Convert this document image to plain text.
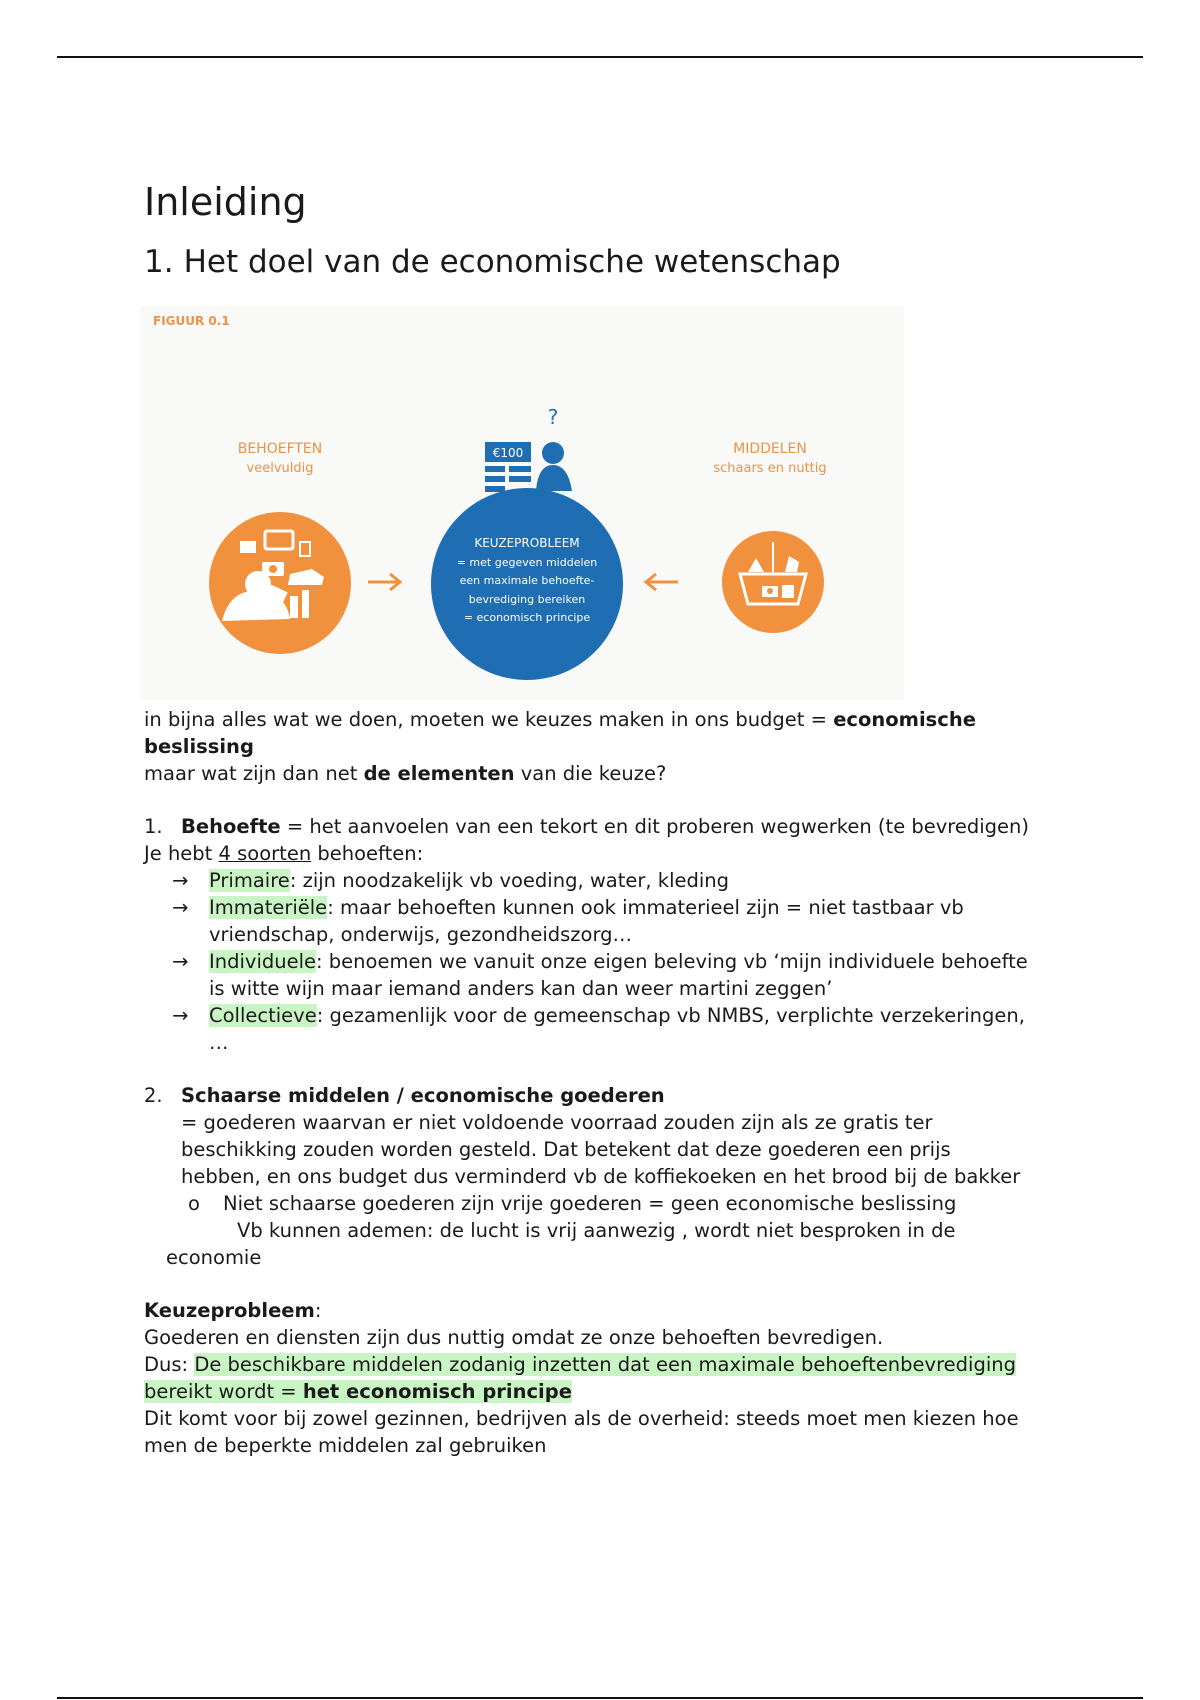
Inleiding
1. Het doel van de economische wetenschap
FIGUUR 0.1
BEHOEFTEN
veelvuldig
MIDDELEN
schaars en nuttig
KEUZEPROBLEEM
= met gegeven middelen
een maximale behoefte-
bevrediging bereiken
= economisch principe
?
€100

in bijna alles wat we doen, moeten we keuzes maken in ons budget = economische

beslissing

maar wat zijn dan net de elementen van die keuze?

1. Behoefte = het aanvoelen van een tekort en dit proberen wegwerken (te bevredigen)

Je hebt 4 soorten behoeften:

→ Primaire: zijn noodzakelijk vb voeding, water, kleding

→ Immateriële: maar behoeften kunnen ook immaterieel zijn = niet tastbaar vb

vriendschap, onderwijs, gezondheidszorg…

→ Individuele: benoemen we vanuit onze eigen beleving vb ‘mijn individuele behoefte

is witte wijn maar iemand anders kan dan weer martini zeggen’

→ Collectieve: gezamenlijk voor de gemeenschap vb NMBS, verplichte verzekeringen,

…

2. Schaarse middelen / economische goederen

= goederen waarvan er niet voldoende voorraad zouden zijn als ze gratis ter

beschikking zouden worden gesteld. Dat betekent dat deze goederen een prijs

hebben, en ons budget dus verminderd vb de koffiekoeken en het brood bij de bakker

o Niet schaarse goederen zijn vrije goederen = geen economische beslissing

Vb kunnen ademen: de lucht is vrij aanwezig , wordt niet besproken in de

economie

Keuzeprobleem:

Goederen en diensten zijn dus nuttig omdat ze onze behoeften bevredigen.

Dus: De beschikbare middelen zodanig inzetten dat een maximale behoeftenbevrediging

bereikt wordt = het economisch principe

Dit komt voor bij zowel gezinnen, bedrijven als de overheid: steeds moet men kiezen hoe

men de beperkte middelen zal gebruiken
